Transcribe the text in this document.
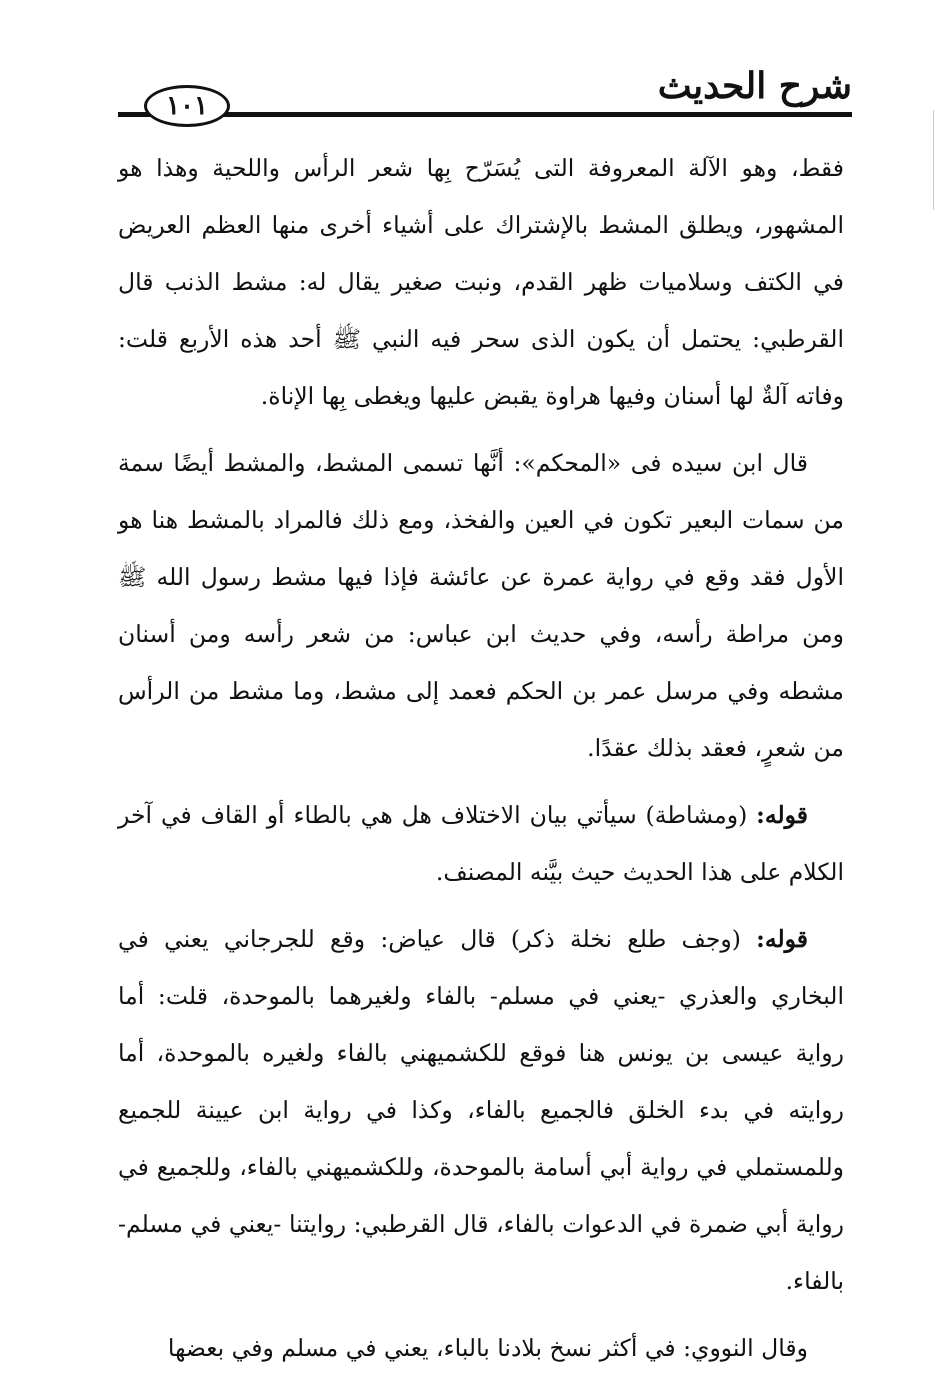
شرح الحديث
١٠١

فقط، وهو الآلة المعروفة التى يُسَرّح بِها شعر الرأس واللحية وهذا هو المشهور، ويطلق المشط بالإشتراك على أشياء أخرى منها العظم العريض في الكتف وسلاميات ظهر القدم، ونبت صغير يقال له: مشط الذنب قال القرطبي: يحتمل أن يكون الذى سحر فيه النبي ﷺ أحد هذه الأربع قلت: وفاته آلةٌ لها أسنان وفيها هراوة يقبض عليها ويغطى بِها الإناة.

قال ابن سيده فى «المحكم»: أنَّها تسمى المشط، والمشط أيضًا سمة من سمات البعير تكون في العين والفخذ، ومع ذلك فالمراد بالمشط هنا هو الأول فقد وقع في رواية عمرة عن عائشة فإذا فيها مشط رسول الله ﷺ ومن مراطة رأسه، وفي حديث ابن عباس: من شعر رأسه ومن أسنان مشطه وفي مرسل عمر بن الحكم فعمد إلى مشط، وما مشط من الرأس من شعرٍ، فعقد بذلك عقدًا.

قوله: (ومشاطة) سيأتي بيان الاختلاف هل هي بالطاء أو القاف في آخر الكلام على هذا الحديث حيث بيَّنه المصنف.

قوله: (وجف طلع نخلة ذكر) قال عياض: وقع للجرجاني يعني في البخاري والعذري -يعني في مسلم- بالفاء ولغيرهما بالموحدة، قلت: أما رواية عيسى بن يونس هنا فوقع للكشميهني بالفاء ولغيره بالموحدة، أما روايته في بدء الخلق فالجميع بالفاء، وكذا في رواية ابن عيينة للجميع وللمستملي في رواية أبي أسامة بالموحدة، وللكشميهني بالفاء، وللجميع في رواية أبي ضمرة في الدعوات بالفاء، قال القرطبي: روايتنا -يعني في مسلم- بالفاء.

وقال النووي: في أكثر نسخ بلادنا بالباء، يعني في مسلم وفي بعضها
